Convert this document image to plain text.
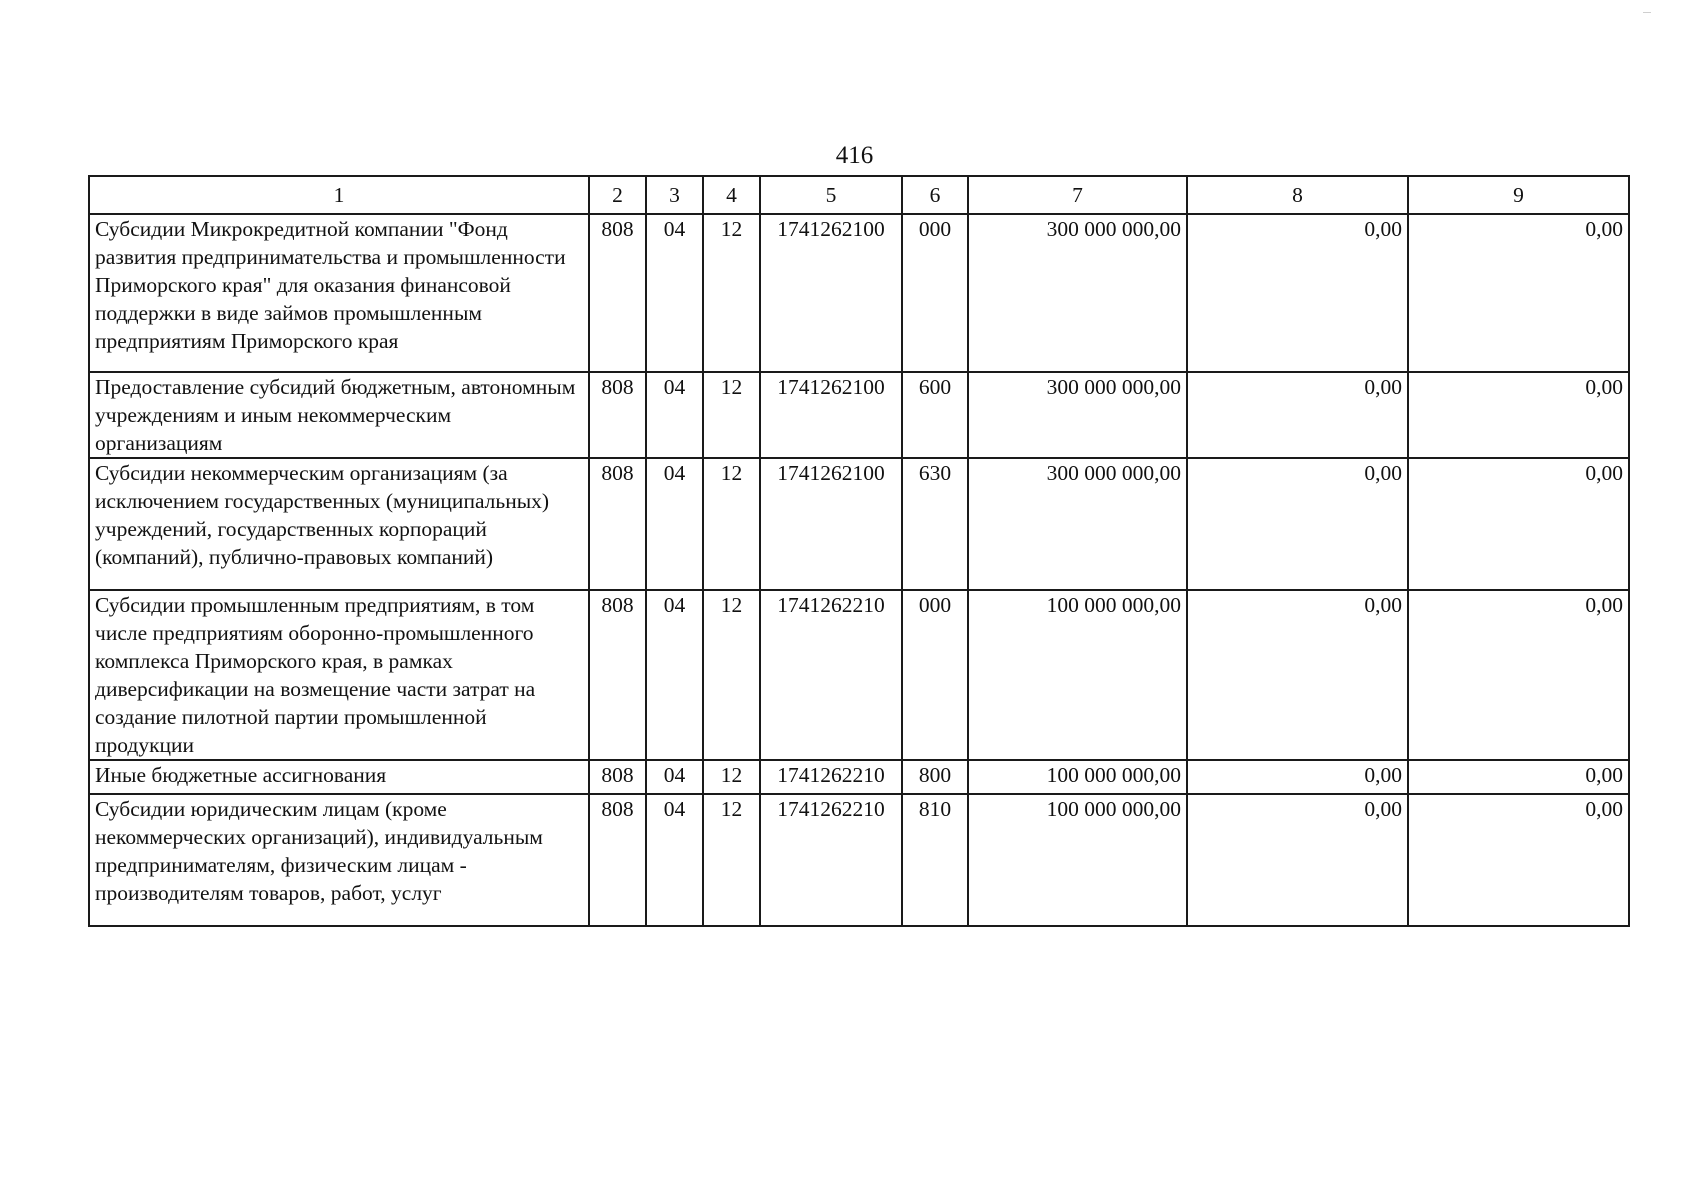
416
1	2	3	4	5	6	7	8	9
Субсидии Микрокредитной компании "Фонд развития предпринимательства и промышленности Приморского края" для оказания финансовой поддержки в виде займов промышленным предприятиям Приморского края	808	04	12	1741262100	000	300 000 000,00	0,00	0,00
Предоставление субсидий бюджетным, автономным учреждениям и иным некоммерческим организациям	808	04	12	1741262100	600	300 000 000,00	0,00	0,00
Субсидии некоммерческим организациям (за исключением государственных (муниципальных) учреждений, государственных корпораций (компаний), публично-правовых компаний)	808	04	12	1741262100	630	300 000 000,00	0,00	0,00
Субсидии промышленным предприятиям, в том числе предприятиям оборонно-промышленного комплекса Приморского края, в рамках диверсификации на возмещение части затрат на создание пилотной партии промышленной продукции	808	04	12	1741262210	000	100 000 000,00	0,00	0,00
Иные бюджетные ассигнования	808	04	12	1741262210	800	100 000 000,00	0,00	0,00
Субсидии юридическим лицам (кроме некоммерческих организаций), индивидуальным предпринимателям, физическим лицам - производителям товаров, работ, услуг	808	04	12	1741262210	810	100 000 000,00	0,00	0,00
